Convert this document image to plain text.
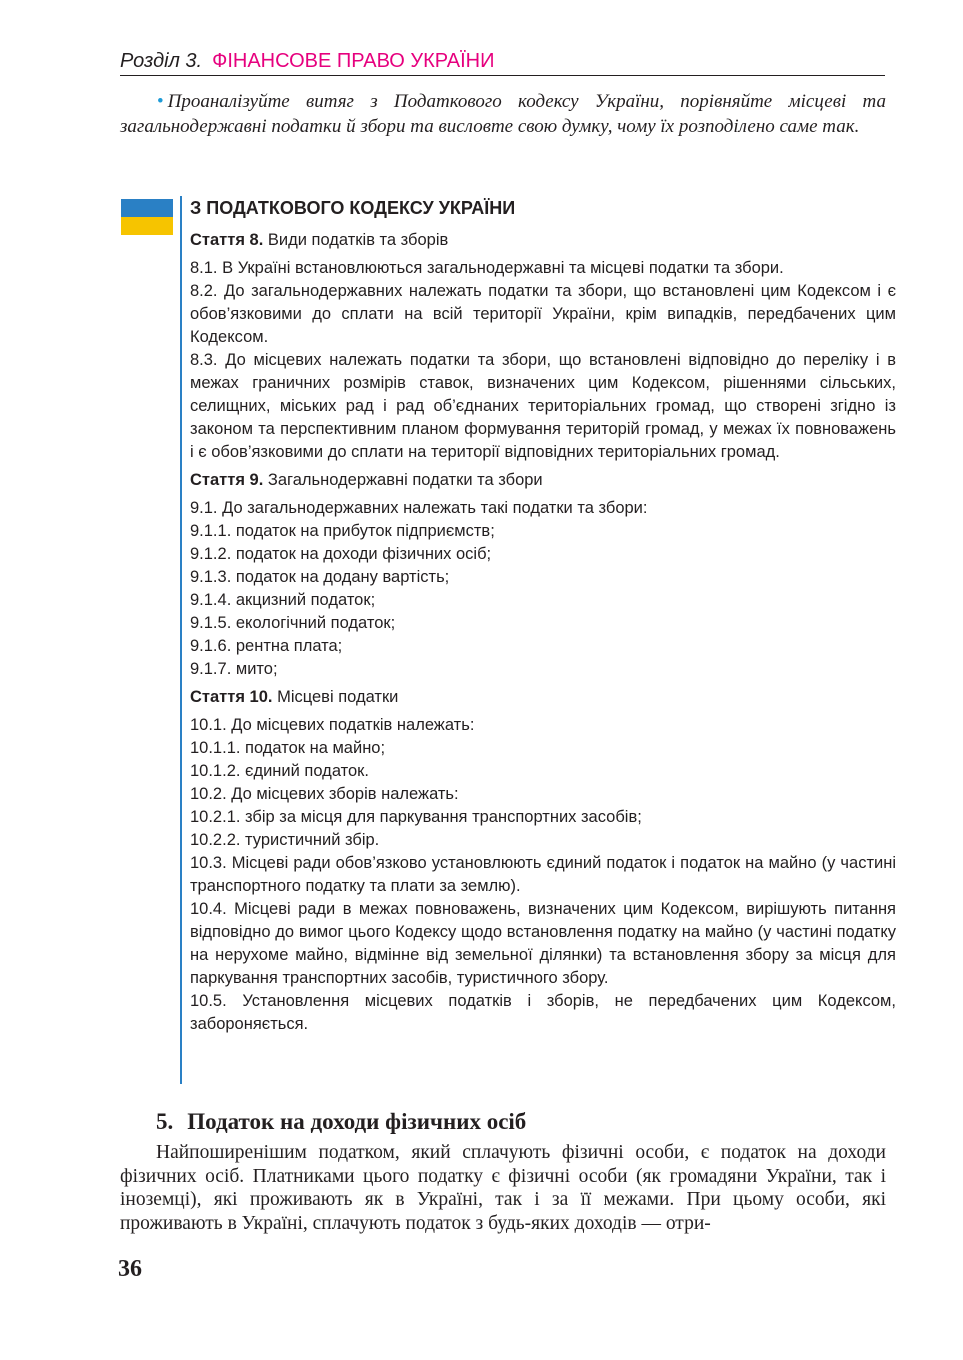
Розділ 3. ФІНАНСОВЕ ПРАВО УКРАЇНИ
• Проаналізуйте витяг з Податкового кодексу України, порівняйте місцеві та загальнодержавні податки й збори та висловте свою думку, чому їх розподілено саме так.
З ПОДАТКОВОГО КОДЕКСУ УКРАЇНИ
Стаття 8. Види податків та зборів

8.1. В Україні встановлюються загальнодержавні та місцеві податки та збори.

8.2. До загальнодержавних належать податки та збори, що встановлені цим Кодексом і є обов’язковими до сплати на всій території України, крім випадків, передбачених цим Кодексом.

8.3. До місцевих належать податки та збори, що встановлені відповідно до переліку і в межах граничних розмірів ставок, визначених цим Кодексом, рішеннями сільських, селищних, міських рад і рад об’єднаних територіальних громад, що створені згідно із законом та перспективним планом формування територій громад, у межах їх повноважень і є обов’язковими до сплати на території відповідних територіальних громад.

Стаття 9. Загальнодержавні податки та збори

9.1. До загальнодержавних належать такі податки та збори:

9.1.1. податок на прибуток підприємств;

9.1.2. податок на доходи фізичних осіб;

9.1.3. податок на додану вартість;

9.1.4. акцизний податок;

9.1.5. екологічний податок;

9.1.6. рентна плата;

9.1.7. мито;

Стаття 10. Місцеві податки

10.1. До місцевих податків належать:

10.1.1. податок на майно;

10.1.2. єдиний податок.

10.2. До місцевих зборів належать:

10.2.1. збір за місця для паркування транспортних засобів;

10.2.2. туристичний збір.

10.3. Місцеві ради обов’язково установлюють єдиний податок і податок на майно (у частині транспортного податку та плати за землю).

10.4. Місцеві ради в межах повноважень, визначених цим Кодексом, вирішують питання відповідно до вимог цього Кодексу щодо встановлення податку на майно (у частині податку на нерухоме майно, відмінне від земельної ділянки) та встановлення збору за місця для паркування транспортних засобів, туристичного збору.

10.5. Установлення місцевих податків і зборів, не передбачених цим Кодексом, забороняється.

5. Податок на доходи фізичних осіб
Найпоширенішим податком, який сплачують фізичні особи, є податок на доходи фізичних осіб. Платниками цього податку є фізичні особи (як громадяни України, так і іноземці), які проживають як в Україні, так і за її межами. При цьому особи, які проживають в Україні, сплачують податок з будь-яких доходів — отри-
36
